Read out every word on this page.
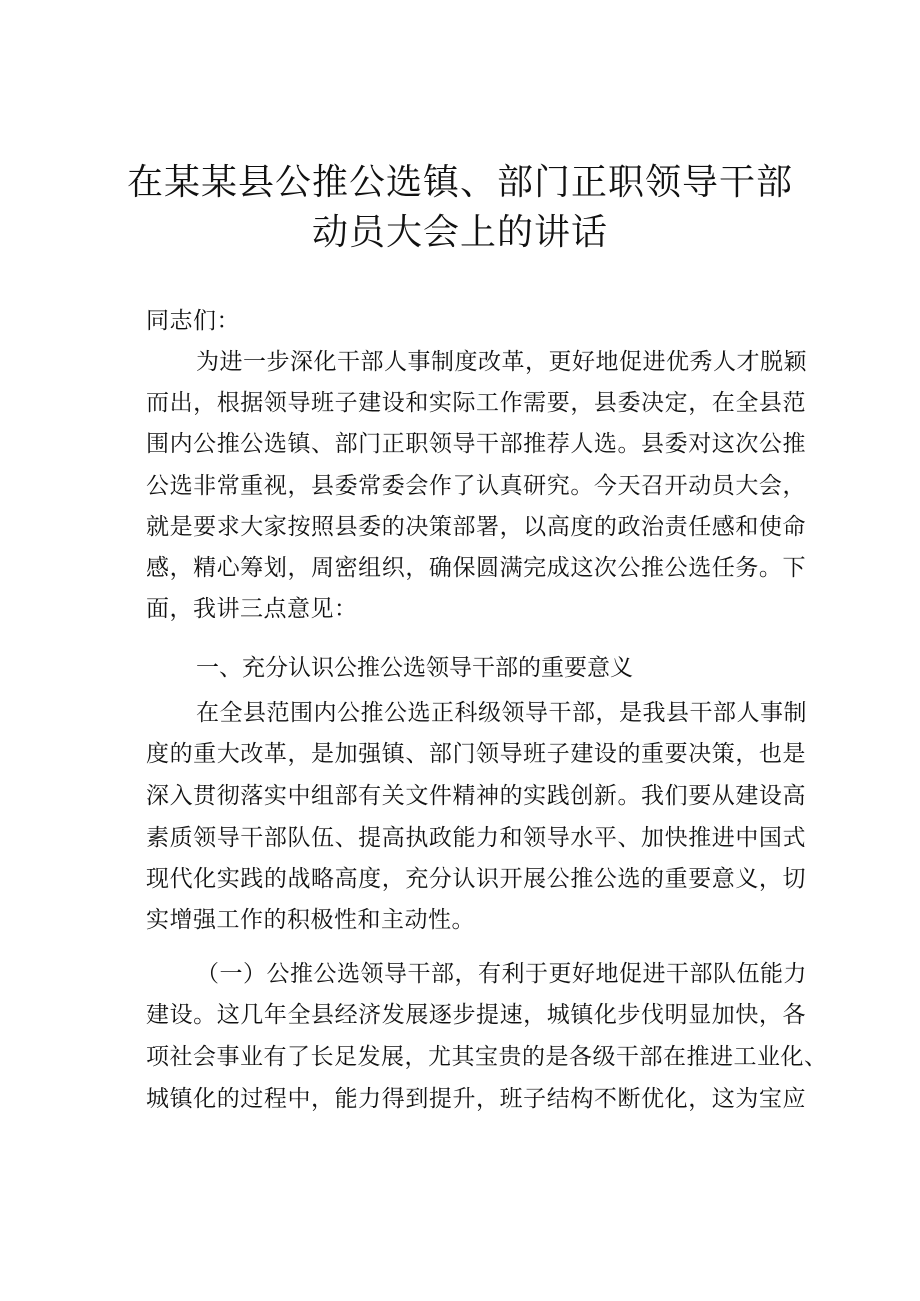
在某某县公推公选镇、部门正职领导干部
动员大会上的讲话
同志们：
为进一步深化干部人事制度改革，更好地促进优秀人才脱颖
而出，根据领导班子建设和实际工作需要，县委决定，在全县范
围内公推公选镇、部门正职领导干部推荐人选。县委对这次公推
公选非常重视，县委常委会作了认真研究。今天召开动员大会，
就是要求大家按照县委的决策部署，以高度的政治责任感和使命
感，精心筹划，周密组织，确保圆满完成这次公推公选任务。下
面，我讲三点意见：
一、充分认识公推公选领导干部的重要意义
在全县范围内公推公选正科级领导干部，是我县干部人事制
度的重大改革，是加强镇、部门领导班子建设的重要决策，也是
深入贯彻落实中组部有关文件精神的实践创新。我们要从建设高
素质领导干部队伍、提高执政能力和领导水平、加快推进中国式
现代化实践的战略高度，充分认识开展公推公选的重要意义，切
实增强工作的积极性和主动性。
（一）公推公选领导干部，有利于更好地促进干部队伍能力
建设。这几年全县经济发展逐步提速，城镇化步伐明显加快，各
项社会事业有了长足发展，尤其宝贵的是各级干部在推进工业化、
城镇化的过程中，能力得到提升，班子结构不断优化，这为宝应
